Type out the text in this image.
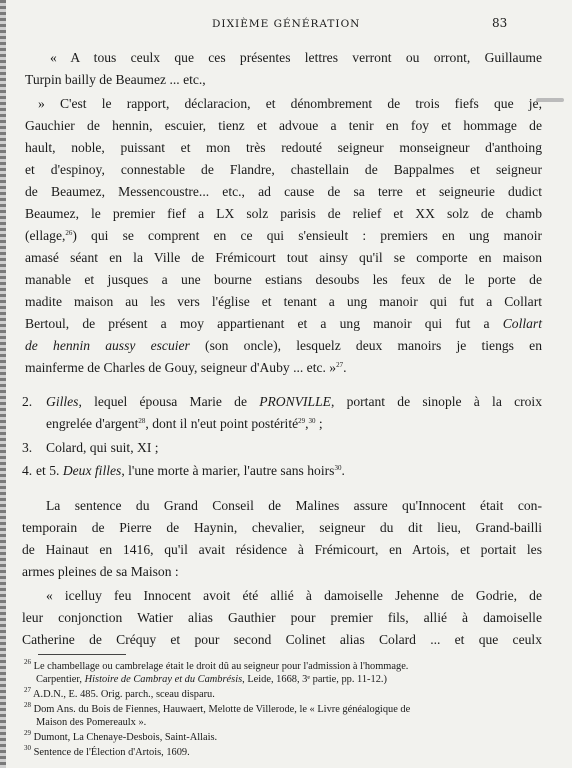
DIXIÈME GÉNÉRATION	83
« A tous ceulx que ces présentes lettres verront ou orront, Guillaume
Turpin bailly de Beaumez ... etc.,
» C'est le rapport, déclaracion, et dénombrement de trois fiefs que je,
Gauchier de hennin, escuier, tienz et advoue a tenir en foy et hommage de
hault, noble, puissant et mon très redouté seigneur monseigneur d'anthoing
et d'espinoy, connestable de Flandre, chastellain de Bappalmes et seigneur
de Beaumez, Messencoustre... etc., ad cause de sa terre et seigneurie dudict
Beaumez, le premier fief a LX solz parisis de relief et XX solz de chamb
(ellage,$^{26}$) qui se comprent en ce qui s'ensieult : premiers en ung manoir
amasé séant en la Ville de Frémicourt tout ainsy qu'il se comporte en maison
manable et jusques a une bourne estians desoubs les feux de le porte de
madite maison au les vers l'église et tenant a ung manoir qui fut a Collart
Bertoul, de présent a moy appartienant et a ung manoir qui fut a Collart
de hennin aussy escuier (son oncle), lesquelz deux manoirs je tiengs en
mainferme de Charles de Gouy, seigneur d'Auby ... etc. »$^{27}$.
2. Gilles, lequel épousa Marie de PRONVILLE, portant de sinople à la croix
engrelée d'argent$^{28}$, dont il n'eut point postérité$^{29}$,$^{30}$ ;
3. Colard, qui suit, XI ;
4. et 5. Deux filles, l'une morte à marier, l'autre sans hoirs$^{30}$.
La sentence du Grand Conseil de Malines assure qu'Innocent était con-
temporain de Pierre de Haynin, chevalier, seigneur du dit lieu, Grand-bailli
de Hainaut en 1416, qu'il avait résidence à Frémicourt, en Artois, et portait les
armes pleines de sa Maison :
« icelluy feu Innocent avoit été allié à damoiselle Jehenne de Godrie, de
leur conjonction Watier alias Gauthier pour premier fils, allié à damoiselle
Catherine de Créquy et pour second Colinet alias Colard ... et que ceulx
$^{26}$ Le chambellage ou cambrelage était le droit dû au seigneur pour l'admission à l'hommage.
Carpentier, Histoire de Cambray et du Cambrésis, Leide, 1668, 3ᵉ partie, pp. 11-12.)
$^{27}$ A.D.N., E. 485. Orig. parch., sceau disparu.
$^{28}$ Dom Ans. du Bois de Fiennes, Hauwaert, Melotte de Villerode, le « Livre généalogique de
Maison des Pomereaulx ».
$^{29}$ Dumont, La Chenaye-Desbois, Saint-Allais.
$^{30}$ Sentence de l'Élection d'Artois, 1609.
